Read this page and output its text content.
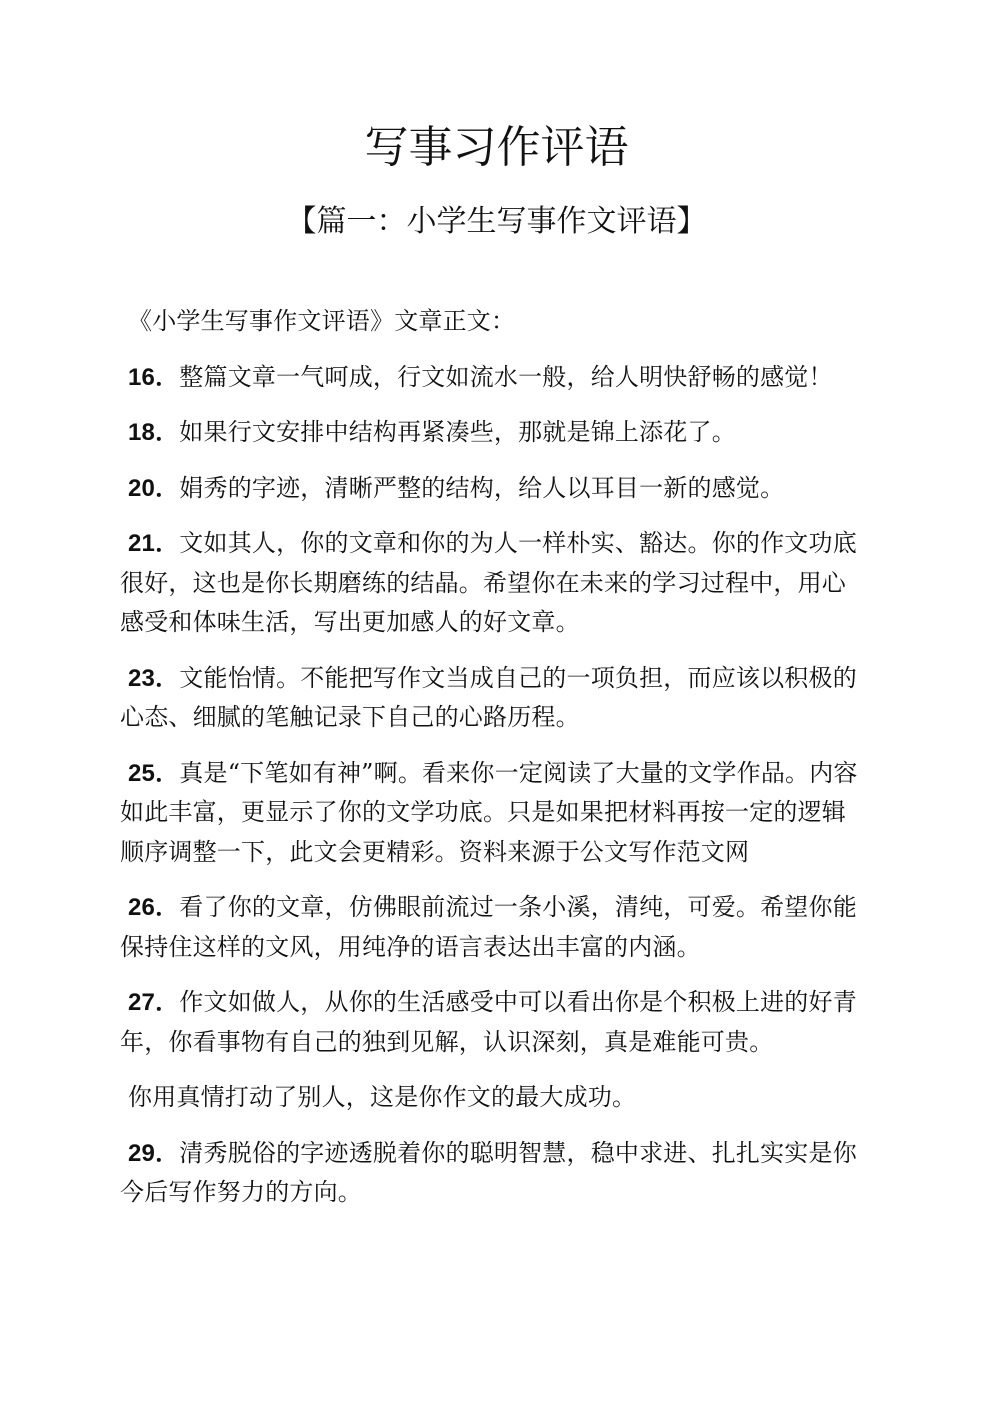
写事习作评语
【篇一：小学生写事作文评语】

《小学生写事作文评语》文章正文：

16．整篇文章一气呵成，行文如流水一般，给人明快舒畅的感觉！

18．如果行文安排中结构再紧凑些，那就是锦上添花了。

20．娟秀的字迹，清晰严整的结构，给人以耳目一新的感觉。

21．文如其人，你的文章和你的为人一样朴实、豁达。你的作文功底很好，这也是你长期磨练的结晶。希望你在未来的学习过程中，用心感受和体味生活，写出更加感人的好文章。

23．文能怡情。不能把写作文当成自己的一项负担，而应该以积极的心态、细腻的笔触记录下自己的心路历程。

25．真是“下笔如有神”啊。看来你一定阅读了大量的文学作品。内容如此丰富，更显示了你的文学功底。只是如果把材料再按一定的逻辑顺序调整一下，此文会更精彩。资料来源于公文写作范文网

26．看了你的文章，仿佛眼前流过一条小溪，清纯，可爱。希望你能保持住这样的文风，用纯净的语言表达出丰富的内涵。

27．作文如做人，从你的生活感受中可以看出你是个积极上进的好青年，你看事物有自己的独到见解，认识深刻，真是难能可贵。

你用真情打动了别人，这是你作文的最大成功。

29．清秀脱俗的字迹透脱着你的聪明智慧，稳中求进、扎扎实实是你今后写作努力的方向。
